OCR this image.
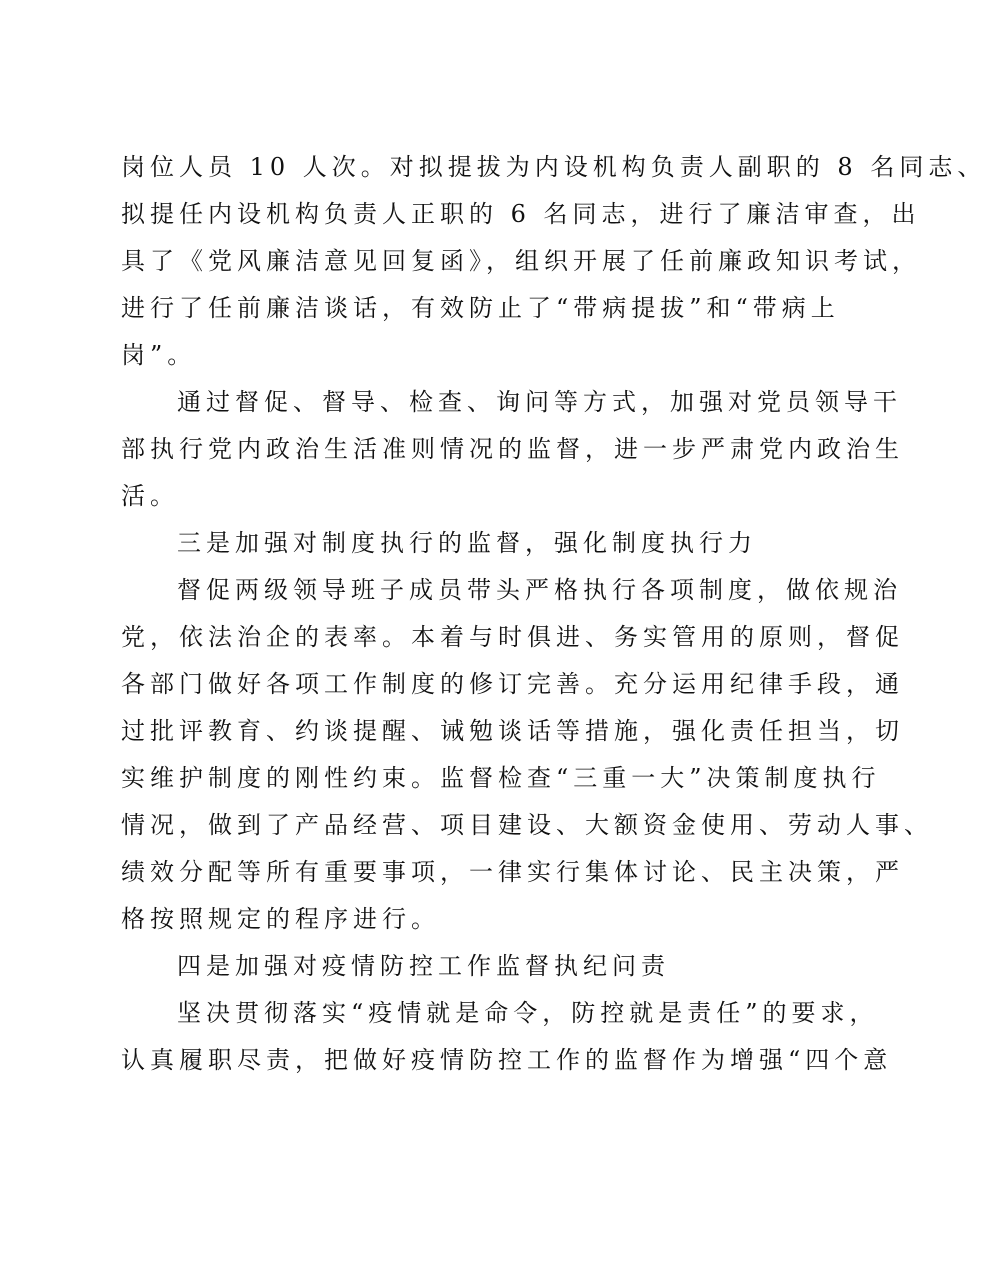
岗位人员 10 人次。对拟提拔为内设机构负责人副职的 8 名同志、
拟提任内设机构负责人正职的 6 名同志，进行了廉洁审查，出
具了《党风廉洁意见回复函》，组织开展了任前廉政知识考试，
进行了任前廉洁谈话，有效防止了“带病提拔”和“带病上
岗”。
通过督促、督导、检查、询问等方式，加强对党员领导干
部执行党内政治生活准则情况的监督，进一步严肃党内政治生
活。
三是加强对制度执行的监督，强化制度执行力
督促两级领导班子成员带头严格执行各项制度，做依规治
党，依法治企的表率。本着与时俱进、务实管用的原则，督促
各部门做好各项工作制度的修订完善。充分运用纪律手段，通
过批评教育、约谈提醒、诫勉谈话等措施，强化责任担当，切
实维护制度的刚性约束。监督检查“三重一大”决策制度执行
情况，做到了产品经营、项目建设、大额资金使用、劳动人事、
绩效分配等所有重要事项，一律实行集体讨论、民主决策，严
格按照规定的程序进行。
四是加强对疫情防控工作监督执纪问责
坚决贯彻落实“疫情就是命令，防控就是责任”的要求，
认真履职尽责，把做好疫情防控工作的监督作为增强“四个意
